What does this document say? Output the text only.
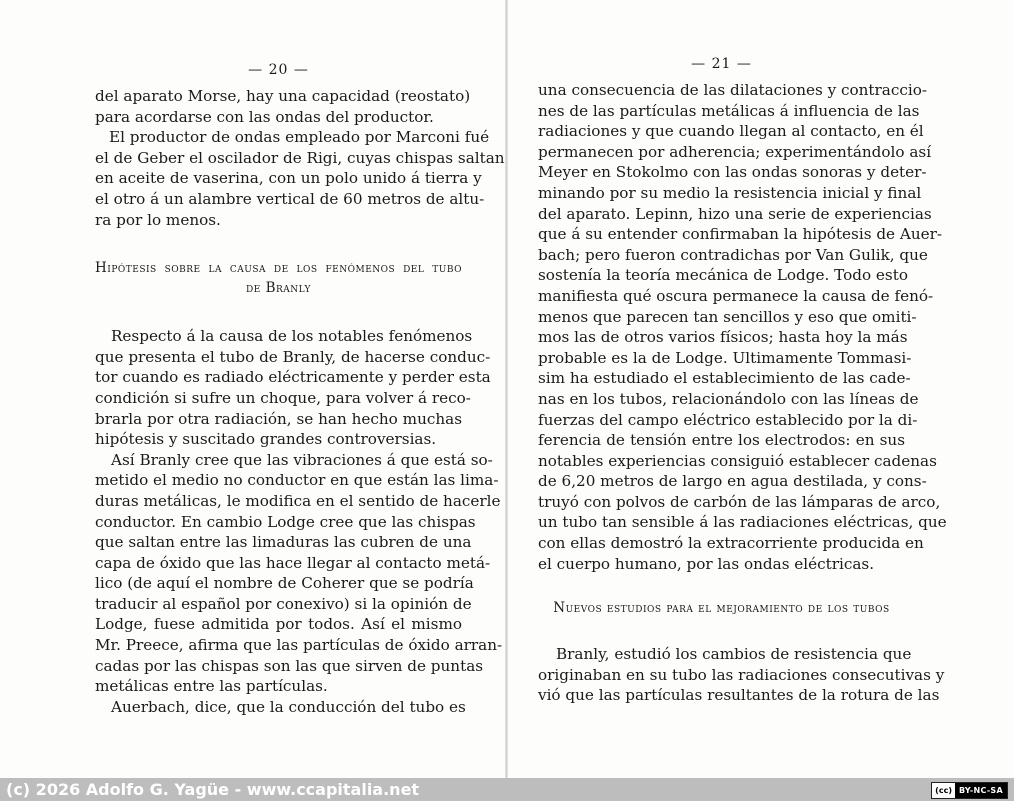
— 20 —

del aparato Morse, hay una capacidad (reostato)
para acordarse con las ondas del productor.

El productor de ondas empleado por Marconi fué
el de Geber el oscilador de Rigi, cuyas chispas saltan
en aceite de vaserina, con un polo unido á tierra y
el otro á un alambre vertical de 60 metros de altu-
ra por lo menos.

Hipótesis sobre la causa de los fenómenos del tubo
de Branly

Respecto á la causa de los notables fenómenos
que presenta el tubo de Branly, de hacerse conduc-
tor cuando es radiado eléctricamente y perder esta
condición si sufre un choque, para volver á reco-
brarla por otra radiación, se han hecho muchas
hipótesis y suscitado grandes controversias.

Así Branly cree que las vibraciones á que está so-
metido el medio no conductor en que están las lima-
duras metálicas, le modifica en el sentido de hacerle
conductor. En cambio Lodge cree que las chispas
que saltan entre las limaduras las cubren de una
capa de óxido que las hace llegar al contacto metá-
lico (de aquí el nombre de Coherer que se podría
traducir al español por conexivo) si la opinión de
Lodge, fuese admitida por todos. Así el mismo
Mr. Preece, afirma que las partículas de óxido arran-
cadas por las chispas son las que sirven de puntas
metálicas entre las partículas.

Auerbach, dice, que la conducción del tubo es

— 21 —

una consecuencia de las dilataciones y contraccio-
nes de las partículas metálicas á influencia de las
radiaciones y que cuando llegan al contacto, en él
permanecen por adherencia; experimentándolo así
Meyer en Stokolmo con las ondas sonoras y deter-
minando por su medio la resistencia inicial y final
del aparato. Lepinn, hizo una serie de experiencias
que á su entender confirmaban la hipótesis de Auer-
bach; pero fueron contradichas por Van Gulik, que
sostenía la teoría mecánica de Lodge. Todo esto
manifiesta qué oscura permanece la causa de fenó-
menos que parecen tan sencillos y eso que omiti-
mos las de otros varios físicos; hasta hoy la más
probable es la de Lodge. Ultimamente Tommasi-
sim ha estudiado el establecimiento de las cade-
nas en los tubos, relacionándolo con las líneas de
fuerzas del campo eléctrico establecido por la di-
ferencia de tensión entre los electrodos: en sus
notables experiencias consiguió establecer cadenas
de 6,20 metros de largo en agua destilada, y cons-
truyó con polvos de carbón de las lámparas de arco,
un tubo tan sensible á las radiaciones eléctricas, que
con ellas demostró la extracorriente producida en
el cuerpo humano, por las ondas eléctricas.

Nuevos estudios para el mejoramiento de los tubos

Branly, estudió los cambios de resistencia que
originaban en su tubo las radiaciones consecutivas y
vió que las partículas resultantes de la rotura de las

(c) 2026 Adolfo G. Yagüe - www.ccapitalia.net	(cc) BY-NC-SA
